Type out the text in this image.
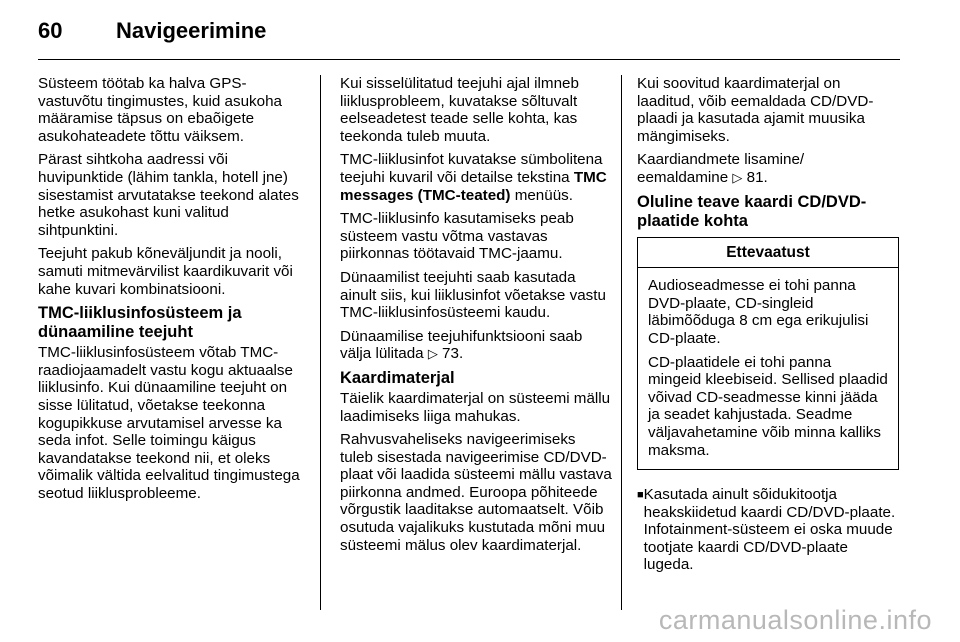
60	Navigeerimine

Süsteem töötab ka halva GPS-vastuvõtu tingimustes, kuid asukoha määramise täpsus on ebaõigete asukohateadete tõttu väiksem.

Pärast sihtkoha aadressi või huvipunktide (lähim tankla, hotell jne) sisestamist arvutatakse teekond alates hetke asukohast kuni valitud sihtpunktini.

Teejuht pakub kõneväljundit ja nooli, samuti mitmevärvilist kaardikuvarit või kahe kuvari kombinatsiooni.

TMC-liiklusinfosüsteem ja dünaamiline teejuht

TMC-liiklusinfosüsteem võtab TMC-raadiojaamadelt vastu kogu aktuaalse liiklusinfo. Kui dünaamiline teejuht on sisse lülitatud, võetakse teekonna kogupikkuse arvutamisel arvesse ka seda infot. Selle toimingu käigus kavandatakse teekond nii, et oleks võimalik vältida eelvalitud tingimustega seotud liiklusprobleeme.

Kui sisselülitatud teejuhi ajal ilmneb liiklusprobleem, kuvatakse sõltuvalt eelseadetest teade selle kohta, kas teekonda tuleb muuta.

TMC-liiklusinfot kuvatakse sümbolitena teejuhi kuvaril või detailse tekstina TMC messages (TMC-teated) menüüs.

TMC-liiklusinfo kasutamiseks peab süsteem vastu võtma vastavas piirkonnas töötavaid TMC-jaamu.

Dünaamilist teejuhti saab kasutada ainult siis, kui liiklusinfot võetakse vastu TMC-liiklusinfosüsteemi kaudu.

Dünaamilise teejuhifunktsiooni saab välja lülitada ▷ 73.

Kaardimaterjal

Täielik kaardimaterjal on süsteemi mällu laadimiseks liiga mahukas.

Rahvusvaheliseks navigeerimiseks tuleb sisestada navigeerimise CD/DVD-plaat või laadida süsteemi mällu vastava piirkonna andmed. Euroopa põhiteede võrgustik laaditakse automaatselt. Võib osutuda vajalikuks kustutada mõni muu süsteemi mälus olev kaardimaterjal.

Kui soovitud kaardimaterjal on laaditud, võib eemaldada CD/DVD-plaadi ja kasutada ajamit muusika mängimiseks.

Kaardiandmete lisamine/ eemaldamine ▷ 81.

Oluline teave kaardi CD/DVD-plaatide kohta
Ettevaatust

Audioseadmesse ei tohi panna DVD-plaate, CD-singleid läbimõõduga 8 cm ega erikujulisi CD-plaate.

CD-plaatidele ei tohi panna mingeid kleebiseid. Sellised plaadid võivad CD-seadmesse kinni jääda ja seadet kahjustada. Seadme väljavahetamine võib minna kalliks maksma.

■ Kasutada ainult sõidukitootja heakskiidetud kaardi CD/DVD-plaate. Infotainment-süsteem ei oska muude tootjate kaardi CD/DVD-plaate lugeda.
carmanualsonline.info
